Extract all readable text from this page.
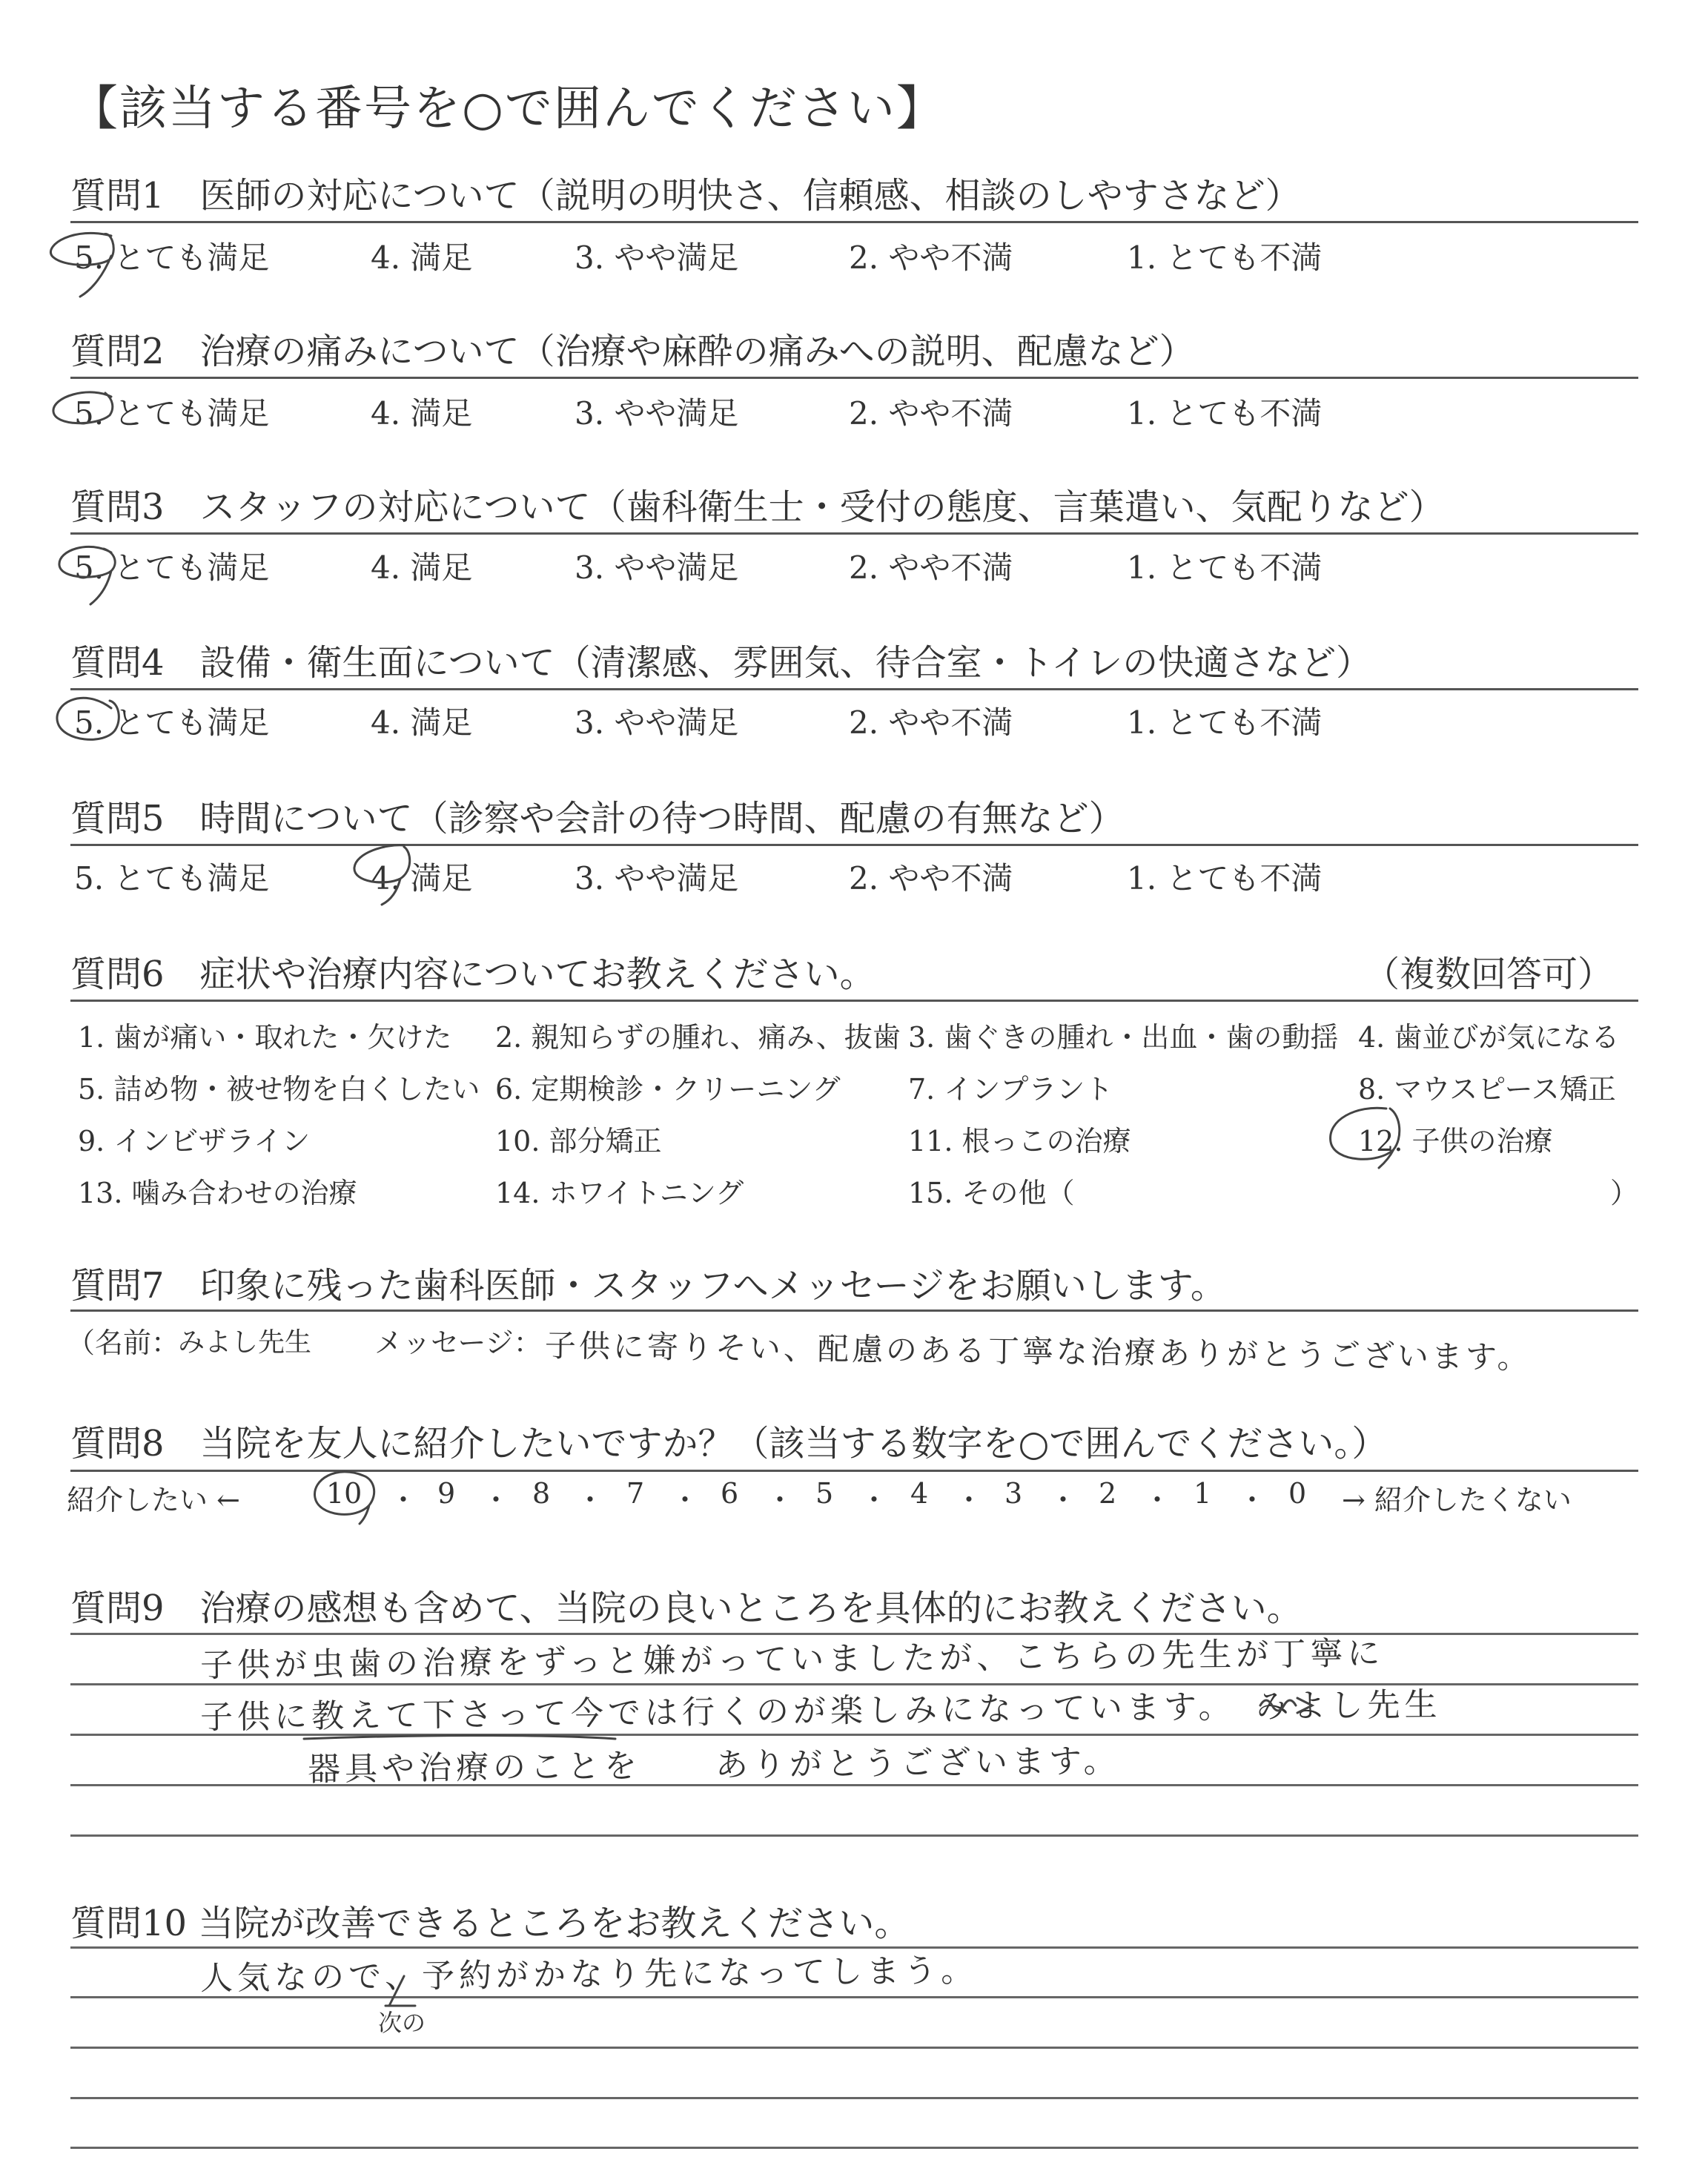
【該当する番号を○で囲んでください】
質問1　医師の対応について（説明の明快さ、信頼感、相談のしやすさなど）
5. とても満足	4. 満足	3. やや満足	2. やや不満	1. とても不満
質問2　治療の痛みについて（治療や麻酔の痛みへの説明、配慮など）
5. とても満足	4. 満足	3. やや満足	2. やや不満	1. とても不満
質問3　スタッフの対応について（歯科衛生士・受付の態度、言葉遣い、気配りなど）
5. とても満足	4. 満足	3. やや満足	2. やや不満	1. とても不満
質問4　設備・衛生面について（清潔感、雰囲気、待合室・トイレの快適さなど）
5. とても満足	4. 満足	3. やや満足	2. やや不満	1. とても不満
質問5　時間について（診察や会計の待つ時間、配慮の有無など）
5. とても満足	4. 満足	3. やや満足	2. やや不満	1. とても不満
質問6　症状や治療内容についてお教えください。	（複数回答可）
1. 歯が痛い・取れた・欠けた 2. 親知らずの腫れ、痛み、抜歯 3. 歯ぐきの腫れ・出血・歯の動揺 4. 歯並びが気になる
5. 詰め物・被せ物を白くしたい 6. 定期検診・クリーニング 7. インプラント	8. マウスピース矯正
9. インビザライン	10. 部分矯正	11. 根っこの治療	12. 子供の治療
13. 噛み合わせの治療	14. ホワイトニング	15. その他（	）
質問7　印象に残った歯科医師・スタッフへメッセージをお願いします。
（名前：
みよし先生 メッセージ： 子供に寄りそい、配慮のある丁寧な治療ありがとうございます。
質問8　当院を友人に紹介したいですか？（該当する数字を○で囲んでください。）
紹介したい ←	10 ・ 9 ・ 8 ・ 7 ・ 6 ・ 5 ・ 4 ・ 3 ・ 2 ・ 1 ・ 0 → 紹介したくない
質問9　治療の感想も含めて、当院の良いところを具体的にお教えください。
子供が虫歯の治療をずっと嫌がっていましたが、こちらの先生が丁寧に
子供に教えて下さって今では行くのが楽しみになっています。　みよし先生
器具や治療のことを　　ありがとうございます。
質問10 当院が改善できるところをお教えください。
人気なので、予約がかなり先になってしまう。
次の
